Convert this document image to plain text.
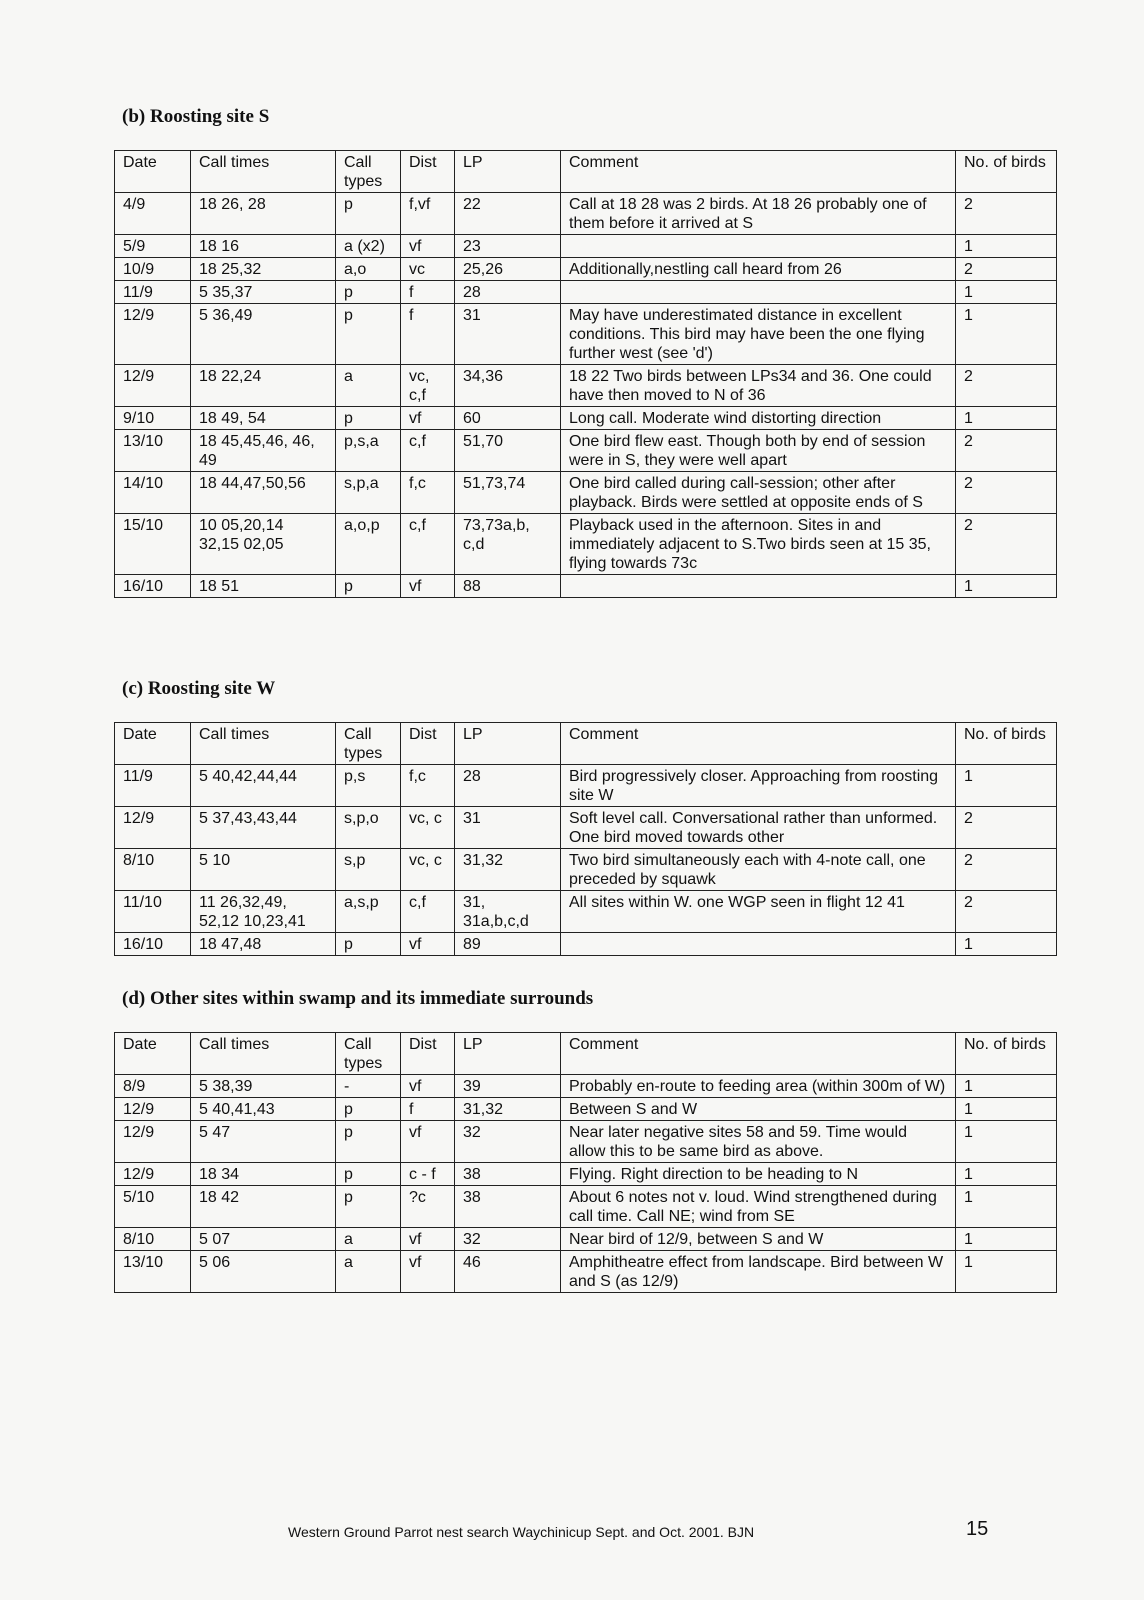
(b) Roosting site S
Date	Call times	Call types	Dist	LP	Comment	No. of birds
4/9	18 26, 28	p	f,vf	22	Call at 18 28 was 2 birds. At 18 26 probably one of them before it arrived at S	2
5/9	18 16	a (x2)	vf	23		1
10/9	18 25,32	a,o	vc	25,26	Additionally,nestling call heard from 26	2
11/9	5 35,37	p	f	28		1
12/9	5 36,49	p	f	31	May have underestimated distance in excellent conditions. This bird may have been the one flying further west (see 'd')	1
12/9	18 22,24	a	vc, c,f	34,36	18 22 Two birds between LPs34 and 36. One could have then moved to N of 36	2
9/10	18 49, 54	p	vf	60	Long call. Moderate wind distorting direction	1
13/10	18 45,45,46, 46, 49	p,s,a	c,f	51,70	One bird flew east. Though both by end of session were in S, they were well apart	2
14/10	18 44,47,50,56	s,p,a	f,c	51,73,74	One bird called during call-session; other after playback. Birds were settled at opposite ends of S	2
15/10	10 05,20,14 32,15 02,05	a,o,p	c,f	73,73a,b, c,d	Playback used in the afternoon. Sites in and immediately adjacent to S.Two birds seen at 15 35, flying towards 73c	2
16/10	18 51	p	vf	88		1
(c) Roosting site W
Date	Call times	Call types	Dist	LP	Comment	No. of birds
11/9	5 40,42,44,44	p,s	f,c	28	Bird progressively closer. Approaching from roosting site W	1
12/9	5 37,43,43,44	s,p,o	vc, c	31	Soft level call. Conversational rather than unformed. One bird moved towards other	2
8/10	5 10	s,p	vc, c	31,32	Two bird simultaneously each with 4-note call, one preceded by squawk	2
11/10	11 26,32,49, 52,12 10,23,41	a,s,p	c,f	31, 31a,b,c,d	All sites within W. one WGP seen in flight 12 41	2
16/10	18 47,48	p	vf	89		1
(d) Other sites within swamp and its immediate surrounds
Date	Call times	Call types	Dist	LP	Comment	No. of birds
8/9	5 38,39	-	vf	39	Probably en-route to feeding area (within 300m of W)	1
12/9	5 40,41,43	p	f	31,32	Between S and W	1
12/9	5 47	p	vf	32	Near later negative sites 58 and 59. Time would allow this to be same bird as above.	1
12/9	18 34	p	c - f	38	Flying. Right direction to be heading to N	1
5/10	18 42	p	?c	38	About 6 notes not v. loud. Wind strengthened during call time. Call NE; wind from SE	1
8/10	5 07	a	vf	32	Near bird of 12/9, between S and W	1
13/10	5 06	a	vf	46	Amphitheatre effect from landscape. Bird between W and S (as 12/9)	1
Western Ground Parrot nest search Waychinicup Sept. and Oct. 2001. BJN	15
